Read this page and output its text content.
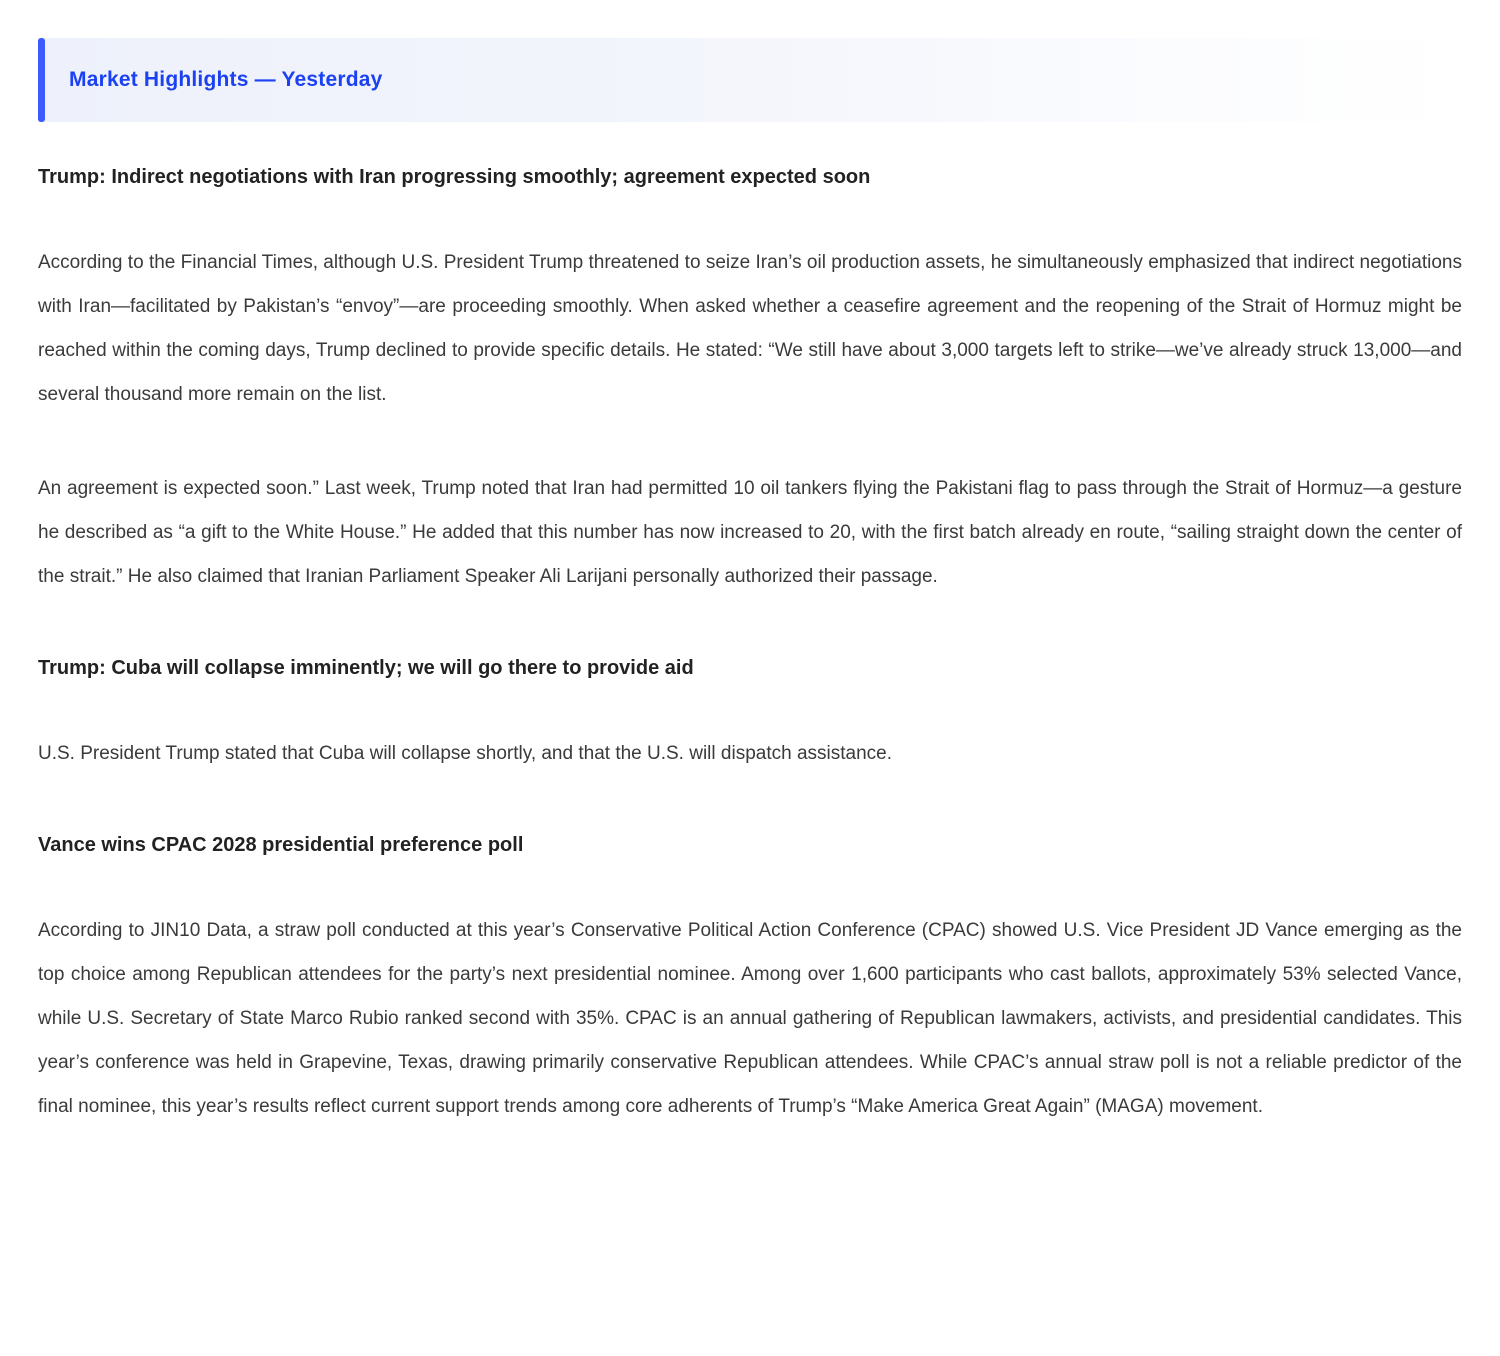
Market Highlights — Yesterday
Trump: Indirect negotiations with Iran progressing smoothly; agreement expected soon

According to the Financial Times, although U.S. President Trump threatened to seize Iran’s oil production assets, he simultaneously emphasized that indirect negotiations with Iran—facilitated by Pakistan’s “envoy”—are proceeding smoothly. When asked whether a ceasefire agreement and the reopening of the Strait of Hormuz might be reached within the coming days, Trump declined to provide specific details. He stated: “We still have about 3,000 targets left to strike—we’ve already struck 13,000—and several thousand more remain on the list.

An agreement is expected soon.” Last week, Trump noted that Iran had permitted 10 oil tankers flying the Pakistani flag to pass through the Strait of Hormuz—a gesture he described as “a gift to the White House.” He added that this number has now increased to 20, with the first batch already en route, “sailing straight down the center of the strait.” He also claimed that Iranian Parliament Speaker Ali Larijani personally authorized their passage.

Trump: Cuba will collapse imminently; we will go there to provide aid

U.S. President Trump stated that Cuba will collapse shortly, and that the U.S. will dispatch assistance.

Vance wins CPAC 2028 presidential preference poll

According to JIN10 Data, a straw poll conducted at this year’s Conservative Political Action Conference (CPAC) showed U.S. Vice President JD Vance emerging as the top choice among Republican attendees for the party’s next presidential nominee. Among over 1,600 participants who cast ballots, approximately 53% selected Vance, while U.S. Secretary of State Marco Rubio ranked second with 35%. CPAC is an annual gathering of Republican lawmakers, activists, and presidential candidates. This year’s conference was held in Grapevine, Texas, drawing primarily conservative Republican attendees. While CPAC’s annual straw poll is not a reliable predictor of the final nominee, this year’s results reflect current support trends among core adherents of Trump’s “Make America Great Again” (MAGA) movement.
